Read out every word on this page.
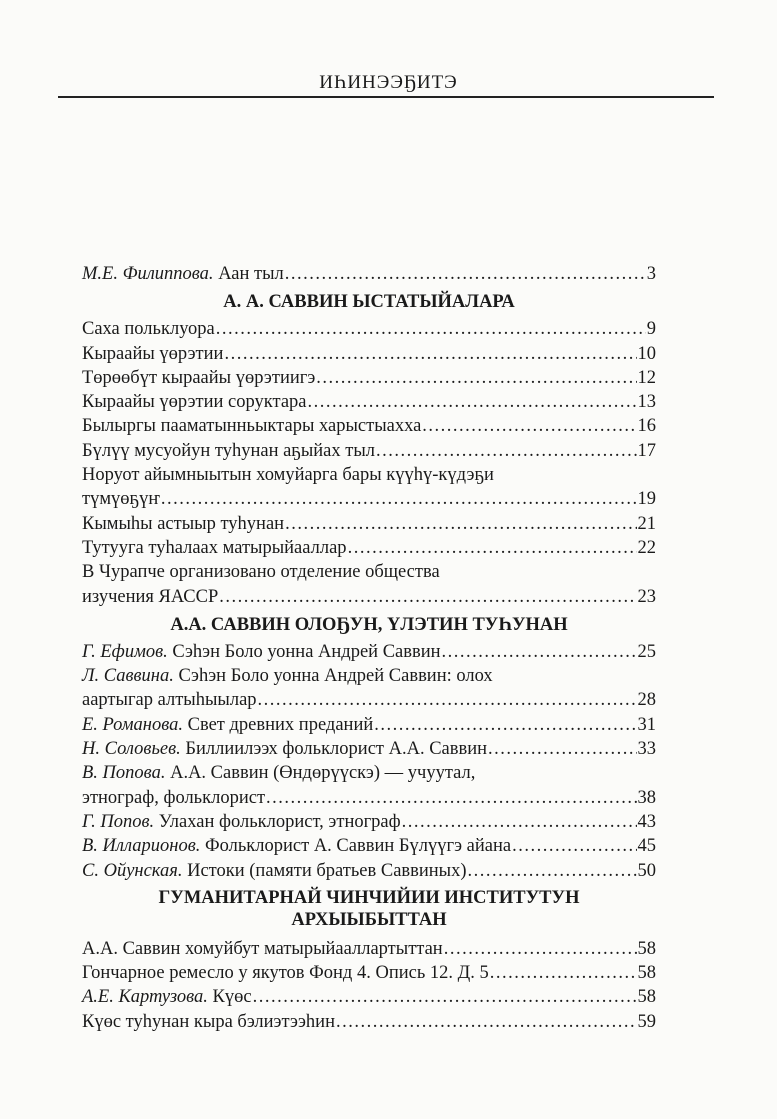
ИҺИНЭЭҔИТЭ
М.Е. Филиппова. Аан тыл .....	3
А. А. САВВИН ЫСТАТЫЙАЛАРА
Саха польклуора .....	9
Кыраайы үөрэтии .....	10
Төрөөбүт кыраайы үөрэтиигэ .....	12
Кыраайы үөрэтии соруктара .....	13
Былыргы пааматынньыктары харыстыахха .....	16
Бүлүү мусуойун туһунан аҕыйах тыл .....	17
Норуот айымныытын хомуйарга бары күүһү-күдэҕи
түмүөҕүҥ .....	19
Кымыһы астыыр туһунан .....	21
Тутууга туһалаах матырыйааллар .....	22
В Чурапче организовано отделение общества
изучения ЯАССР .....	23
А.А. САВВИН ОЛОҔУН, ҮЛЭТИН ТУҺУНАН
Г. Ефимов. Сэһэн Боло уонна Андрей Саввин .....	25
Л. Саввина. Сэһэн Боло уонна Андрей Саввин: олох
аартыгар алтыһыылар .....	28
Е. Романова. Свет древних преданий .....	31
Н. Соловьев. Биллиилээх фольклорист А.А. Саввин .....	33
В. Попова. А.А. Саввин (Өндөрүүскэ) — учуутал,
этнограф, фольклорист .....	38
Г. Попов. Улахан фольклорист, этнограф .....	43
В. Илларионов. Фольклорист А. Саввин Бүлүүгэ айана .....	45
С. Ойунская. Истоки (памяти братьев Саввиных) .....	50
ГУМАНИТАРНАЙ ЧИНЧИЙИИ ИНСТИТУТУН
АРХЫЫБЫТТАН
А.А. Саввин хомуйбут матырыйааллартыттан .....	58
Гончарное ремесло у якутов Фонд 4. Опись 12. Д. 5 .....	58
А.Е. Картузова. Күөс .....	58
Күөс туһунан кыра бэлиэтээһин .....	59
